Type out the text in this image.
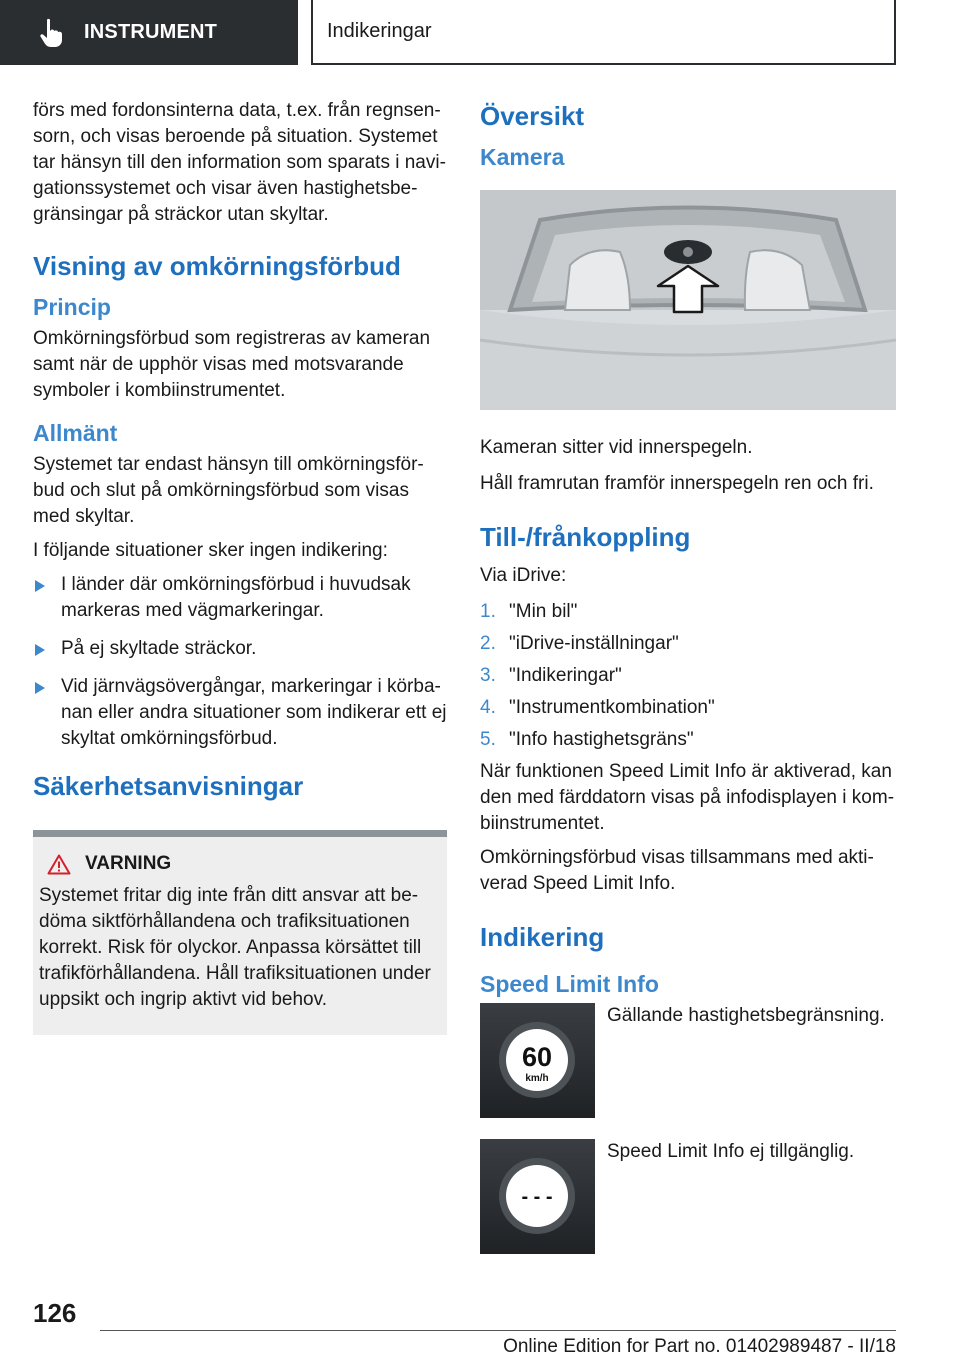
INSTRUMENT	Indikeringar

förs med fordonsinterna data, t.ex. från regnsensorn, och visas beroende på situation. Systemet tar hänsyn till den information som sparats i navigationssystemet och visar även hastighetsbegränsingar på sträckor utan skyltar.

Visning av omkörningsförbud
Princip

Omkörningsförbud som registreras av kameran samt när de upphör visas med motsvarande symboler i kombiinstrumentet.

Allmänt

Systemet tar endast hänsyn till omkörningsförbud och slut på omkörningsförbud som visas med skyltar.

I följande situationer sker ingen indikering:

I länder där omkörningsförbud i huvudsak markeras med vägmarkeringar.
På ej skyltade sträckor.
Vid järnvägsövergångar, markeringar i körbanan eller andra situationer som indikerar ett ej skyltat omkörningsförbud.
Säkerhetsanvisningar
VARNING

Systemet fritar dig inte från ditt ansvar att bedöma siktförhållandena och trafiksituationen korrekt. Risk för olyckor. Anpassa körsättet till trafikförhållandena. Håll trafiksituationen under uppsikt och ingrip aktivt vid behov.

Översikt
Kamera

Kameran sitter vid innerspegeln.

Håll framrutan framför innerspegeln ren och fri.

Till-/frånkoppling

Via iDrive:

1. "Min bil"
2. "iDrive-inställningar"
3. "Indikeringar"
4. "Instrumentkombination"
5. "Info hastighetsgräns"

När funktionen Speed Limit Info är aktiverad, kan den med färddatorn visas på infodisplayen i kombiinstrumentet.

Omkörningsförbud visas tillsammans med aktiverad Speed Limit Info.

Indikering
Speed Limit Info
60
km/h
Gällande hastighetsbegränsning.
- - -
Speed Limit Info ej tillgänglig.
126
Online Edition for Part no. 01402989487 - II/18
